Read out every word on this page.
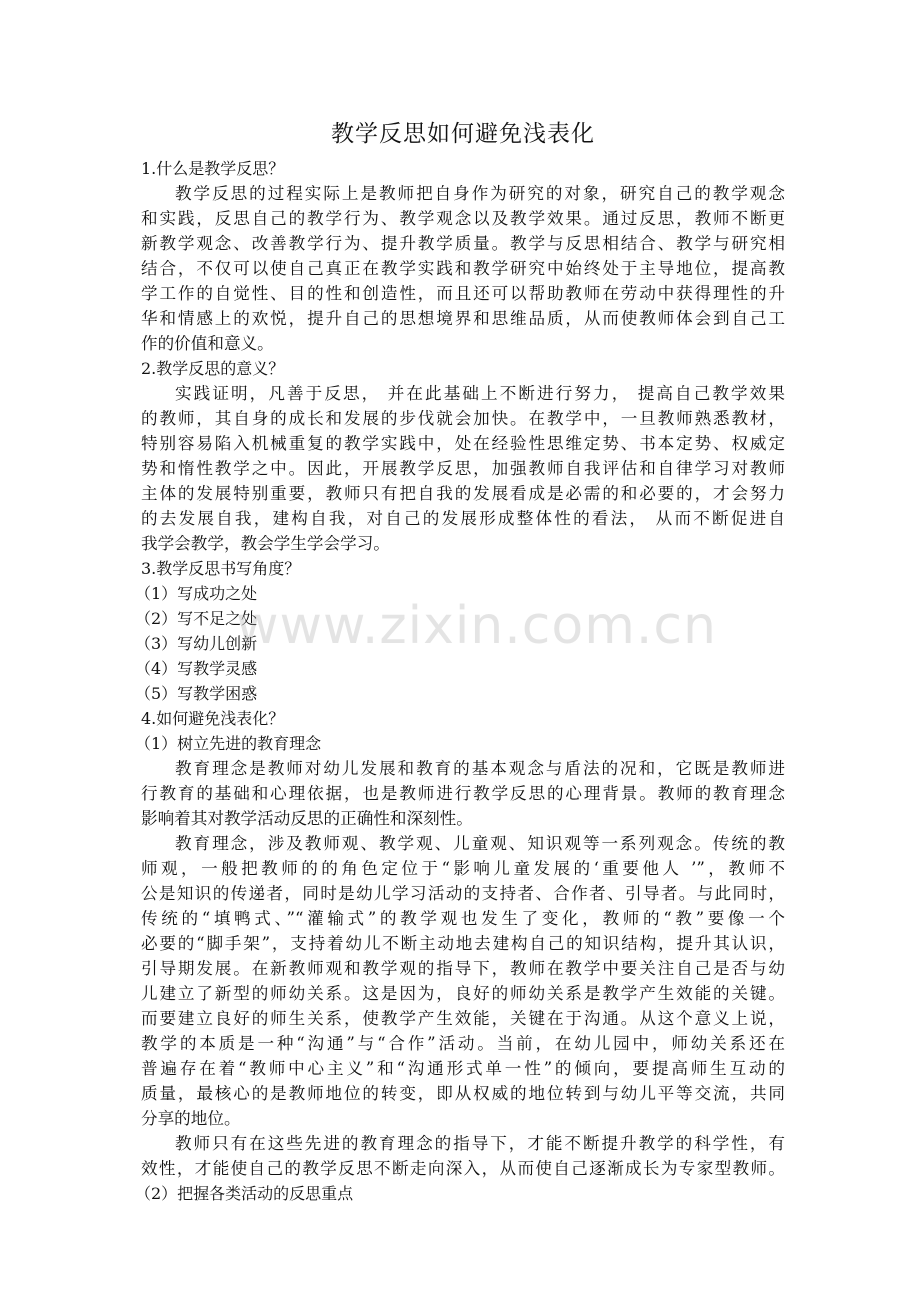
教学反思如何避免浅表化

1.什么是教学反思？

教学反思的过程实际上是教师把自身作为研究的对象，研究自己的教学观念

和实践，反思自己的教学行为、教学观念以及教学效果。通过反思，教师不断更

新教学观念、改善教学行为、提升教学质量。教学与反思相结合、教学与研究相

结合，不仅可以使自己真正在教学实践和教学研究中始终处于主导地位，提高教

学工作的自觉性、目的性和创造性，而且还可以帮助教师在劳动中获得理性的升

华和情感上的欢悦，提升自己的思想境界和思维品质，从而使教师体会到自己工

作的价值和意义。

2.教学反思的意义？

实践证明，凡善于反思， 并在此基础上不断进行努力， 提高自己教学效果

的教师，其自身的成长和发展的步伐就会加快。在教学中，一旦教师熟悉教材，

特别容易陷入机械重复的教学实践中，处在经验性思维定势、书本定势、权威定

势和惰性教学之中。因此，开展教学反思，加强教师自我评估和自律学习对教师

主体的发展特别重要，教师只有把自我的发展看成是必需的和必要的，才会努力

的去发展自我，建构自我，对自己的发展形成整体性的看法， 从而不断促进自

我学会教学，教会学生学会学习。

3.教学反思书写角度？

（1）写成功之处

（2）写不足之处

（3）写幼儿创新

（4）写教学灵感

（5）写教学困惑

4.如何避免浅表化？

（1）树立先进的教育理念

教育理念是教师对幼儿发展和教育的基本观念与盾法的况和，它既是教师进

行教育的基础和心理依据，也是教师进行教学反思的心理背景。教师的教育理念

影响着其对教学活动反思的正确性和深刻性。

教育理念，涉及教师观、教学观、儿童观、知识观等一系列观念。传统的教

师观，一般把教师的的角色定位于“影响儿童发展的‘重要他人 ’”，教师不

公是知识的传递者，同时是幼儿学习活动的支持者、合作者、引导者。与此同时，

传统的“填鸭式、”“灌输式”的教学观也发生了变化，教师的“教”要像一个

必要的“脚手架”，支持着幼儿不断主动地去建构自己的知识结构，提升其认识，

引导期发展。在新教师观和教学观的指导下，教师在教学中要关注自己是否与幼

儿建立了新型的师幼关系。这是因为，良好的师幼关系是教学产生效能的关键。

而要建立良好的师生关系，使教学产生效能，关键在于沟通。从这个意义上说，

教学的本质是一种“沟通”与“合作”活动。当前，在幼儿园中，师幼关系还在

普遍存在着“教师中心主义”和“沟通形式单一性”的倾向，要提高师生互动的

质量，最核心的是教师地位的转变，即从权威的地位转到与幼儿平等交流，共同

分享的地位。

教师只有在这些先进的教育理念的指导下，才能不断提升教学的科学性，有

效性，才能使自己的教学反思不断走向深入，从而使自己逐渐成长为专家型教师。

（2）把握各类活动的反思重点

www.zixin.com.cn
